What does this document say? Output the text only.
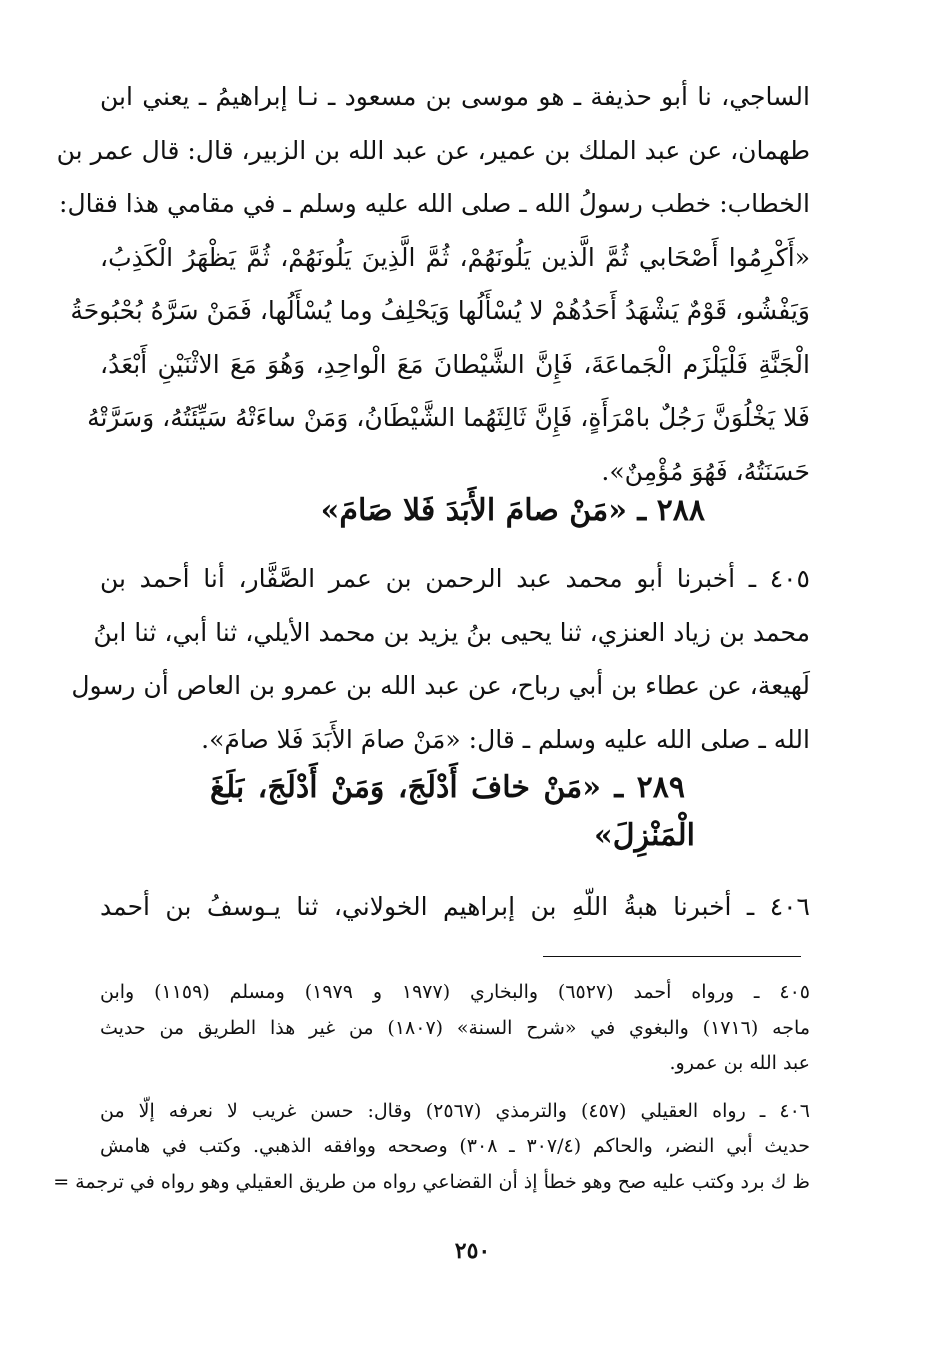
الساجي، نا أبو حذيفة ـ هو موسى بن مسعود ـ نـا إبراهيمُ ـ يعني ابن
طهمان، عن عبد الملك بن عمير، عن عبد الله بن الزبير، قال: قال عمر بن
الخطاب: خطب رسولُ الله ـ صلى الله عليه وسلم ـ في مقامي هذا فقال:
«أَكْرِمُوا أَصْحَابي ثُمَّ الَّذين يَلُونَهُمْ، ثُمَّ الَّذِينَ يَلُونَهُمْ، ثُمَّ يَظْهَرُ الْكَذِبُ،
وَيَفْشُو، قَوْمٌ يَشْهَدُ أَحَدُهُمْ لا يُسْأَلُها وَيَحْلِفُ وما يُسْأَلُها، فَمَنْ سَرَّهُ بُحْبُوحَةُ
الْجَنَّةِ فَلْيَلْزَم الْجَماعَةَ، فَإِنَّ الشَّيْطانَ مَعَ الْواحِدِ، وَهُوَ مَعَ الاثْنَيْنِ أَبْعَدُ،
فَلا يَخْلُوَنَّ رَجُلٌ بامْرَأَةٍ، فَإِنَّ ثَالِثَهُما الشَّيْطَانُ، وَمَنْ ساءَتْهُ سَيِّئَتُهُ، وَسَرَّتْهُ
حَسَنَتُهُ، فَهُوَ مُؤْمِنٌ».
٢٨٨ ـ «مَنْ صامَ الأَبَدَ فَلا صَامَ»
٤٠٥ ـ أخبرنا أبو محمد عبد الرحمن بن عمر الصَّفَّار، أنا أحمد بن
محمد بن زياد العنزي، ثنا يحيى بنُ يزيد بن محمد الأيلي، ثنا أبي، ثنا ابنُ
لَهيعة، عن عطاء بن أبي رباح، عن عبد الله بن عمرو بن العاص أن رسول
الله ـ صلى الله عليه وسلم ـ قال: «مَنْ صامَ الأَبَدَ فَلا صامَ».
٢٨٩ ـ «مَنْ خافَ أَدْلَجَ، وَمَنْ أَدْلَجَ، بَلَغَ
الْمَنْزِلَ»
٤٠٦ ـ أخبرنا هبةُ اللّهِ بن إبراهيم الخولاني، ثنا يـوسفُ بن أحمد
٤٠٥ ـ ورواه أحمد (٦٥٢٧) والبخاري (١٩٧٧ و ١٩٧٩) ومسلم (١١٥٩) وابن
ماجه (١٧١٦) والبغوي في «شرح السنة» (١٨٠٧) من غير هذا الطريق من حديث
عبد الله بن عمرو.
٤٠٦ ـ رواه العقيلي (٤٥٧) والترمذي (٢٥٦٧) وقال: حسن غريب لا نعرفه إلّا من
حديث أبي النضر، والحاكم (٣٠٧/٤ ـ ٣٠٨) وصححه ووافقه الذهبي. وكتب في هامش
ظ ك برد وكتب عليه صح وهو خطأ إذ أن القضاعي رواه من طريق العقيلي وهو رواه في ترجمة =
٢٥٠
